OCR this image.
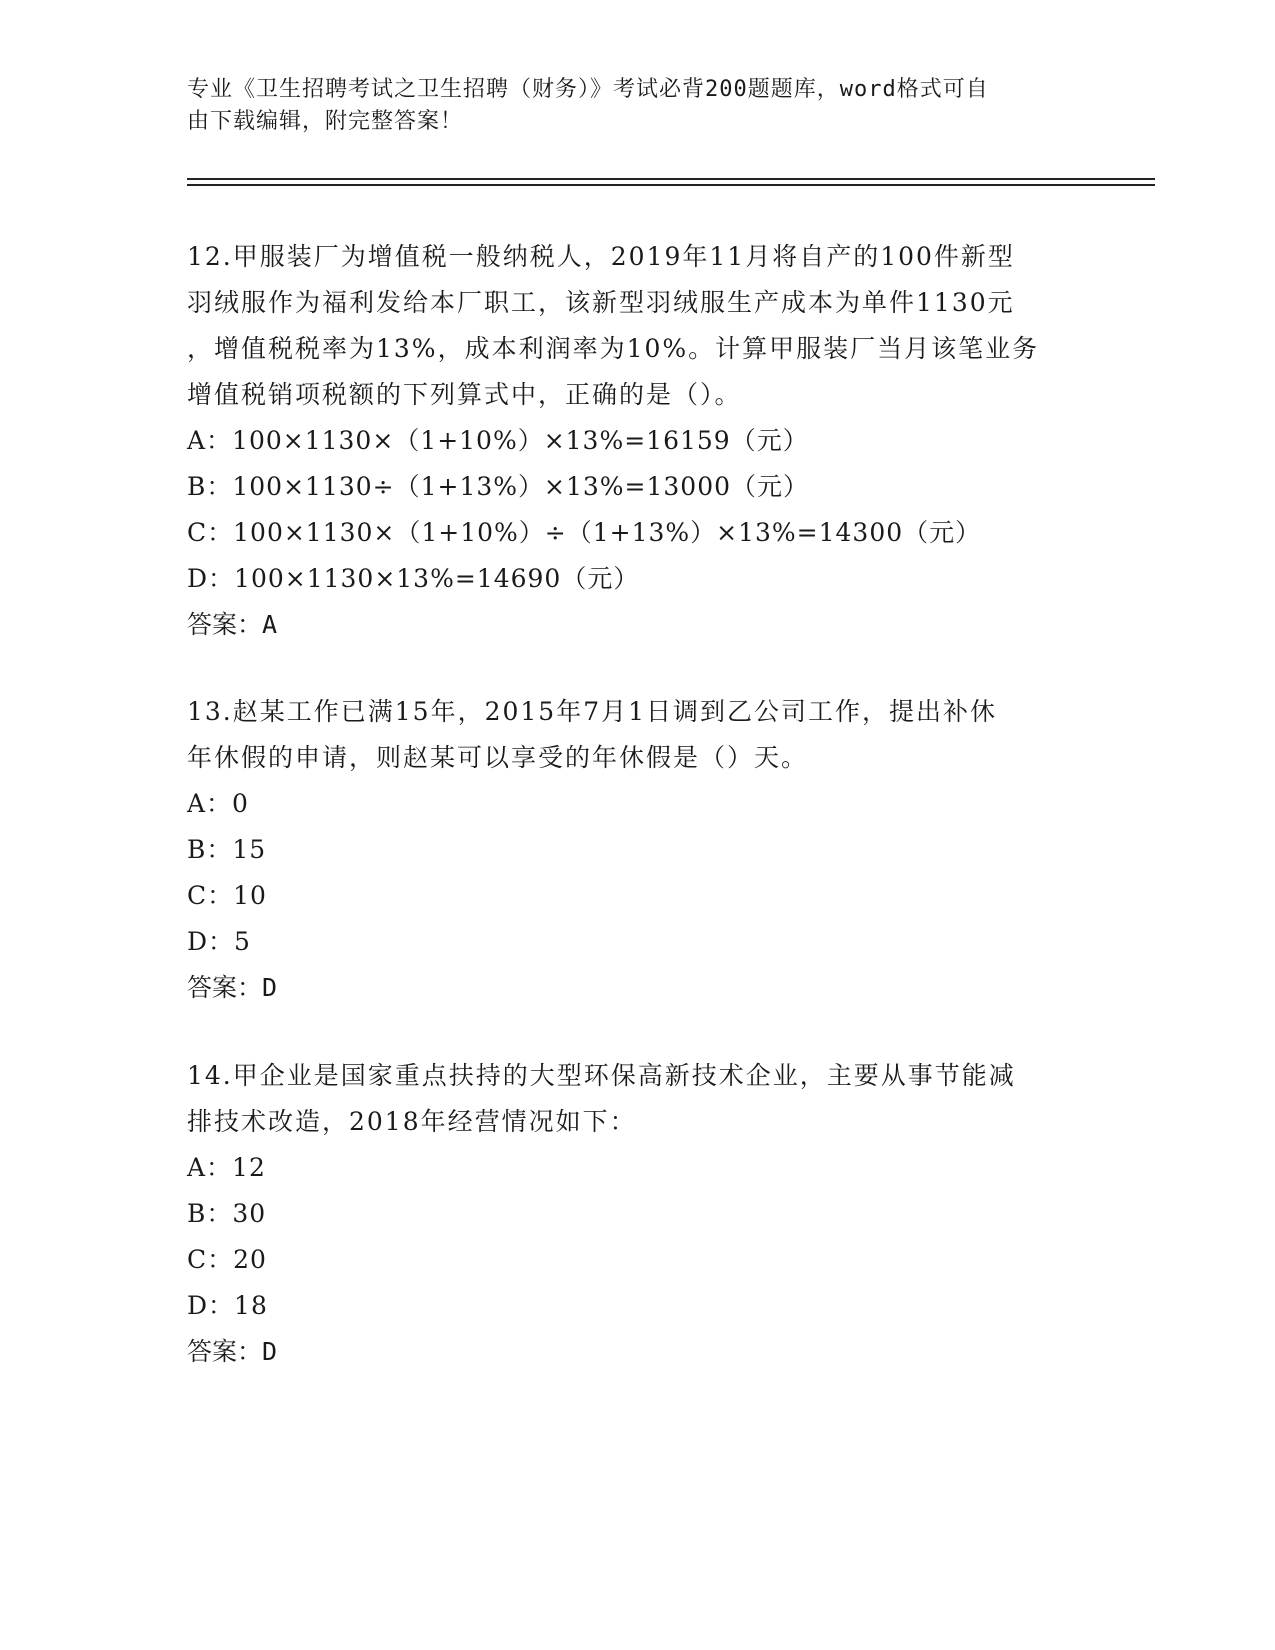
专业《卫生招聘考试之卫生招聘（财务）》考试必背200题题库，word格式可自
由下载编辑，附完整答案！
12.甲服装厂为增值税一般纳税人，2019年11月将自产的100件新型
羽绒服作为福利发给本厂职工，该新型羽绒服生产成本为单件1130元
，增值税税率为13%，成本利润率为10%。计算甲服装厂当月该笔业务
增值税销项税额的下列算式中，正确的是（）。
A：100×1130×（1+10%）×13%=16159（元）
B：100×1130÷（1+13%）×13%=13000（元）
C：100×1130×（1+10%）÷（1+13%）×13%=14300（元）
D：100×1130×13%=14690（元）
答案：A
13.赵某工作已满15年，2015年7月1日调到乙公司工作，提出补休
年休假的申请，则赵某可以享受的年休假是（）天。
A：0
B：15
C：10
D：5
答案：D
14.甲企业是国家重点扶持的大型环保高新技术企业，主要从事节能减
排技术改造，2018年经营情况如下：
A：12
B：30
C：20
D：18
答案：D
